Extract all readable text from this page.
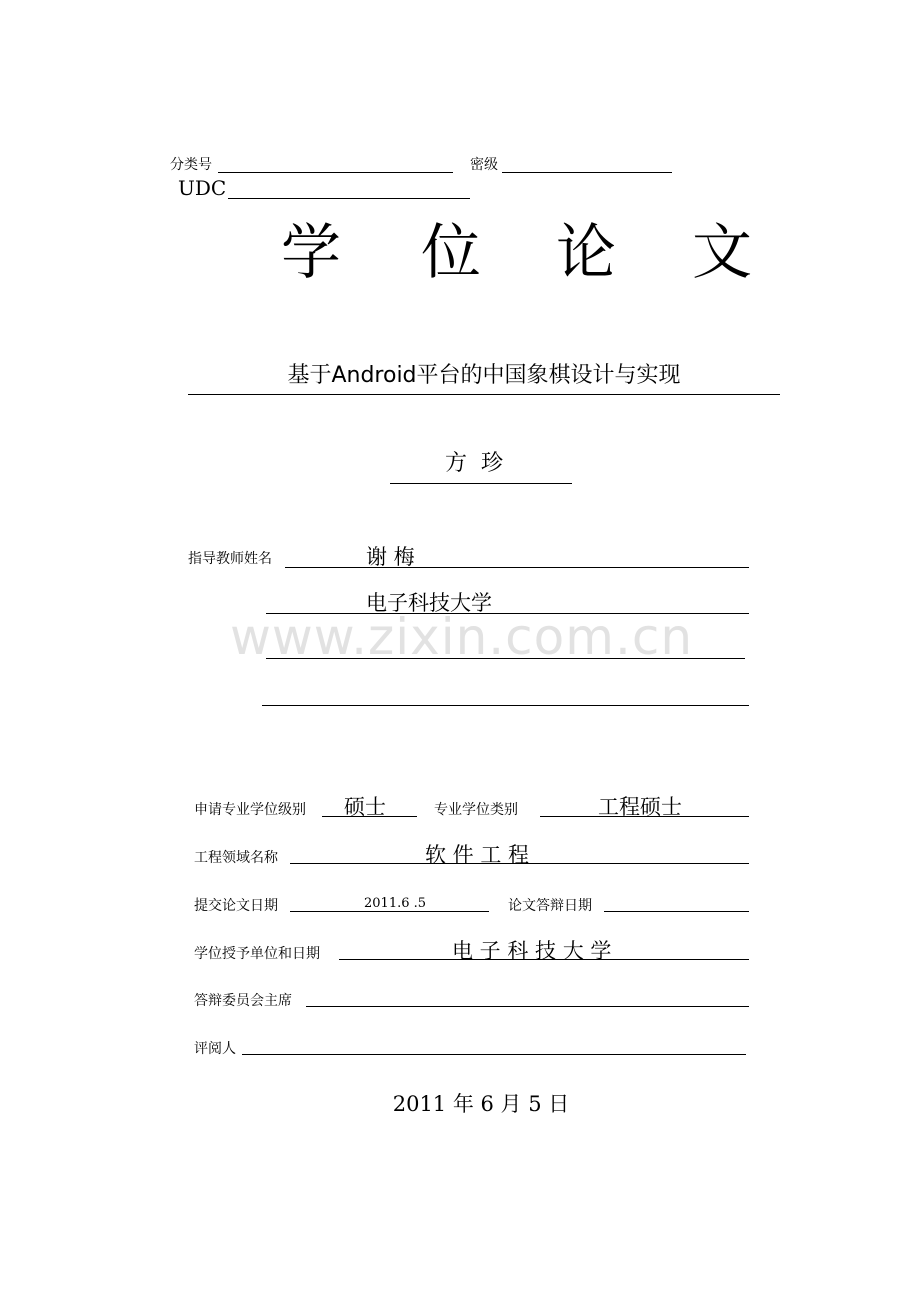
分类号	密级
UDC
学 位 论 文
基于Android平台的中国象棋设计与实现
方珍
指导教师姓名	谢 梅
电子科技大学
www.zixin.com.cn
申请专业学位级别 硕士	专业学位类别	工程硕士
工程领域名称	软 件 工 程
提交论文日期	2011.6 .5	论文答辩日期
学位授予单位和日期	电 子 科 技 大 学
答辩委员会主席
评阅人
2011 年 6 月 5 日
